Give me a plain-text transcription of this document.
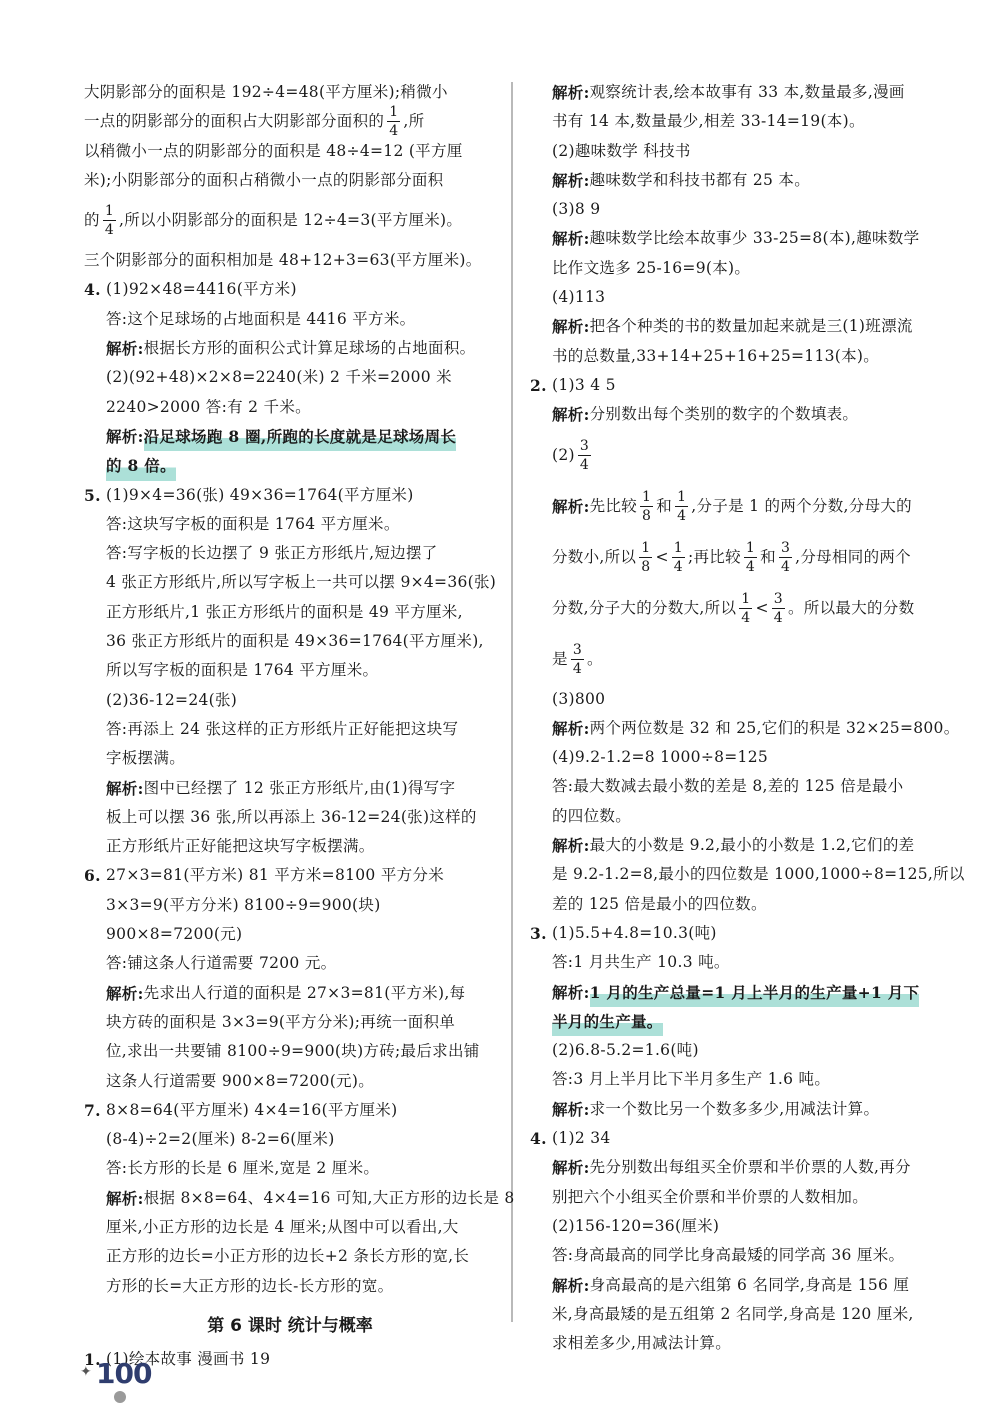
大阴影部分的面积是 192÷4=48(平方厘米);稍微小
一点的阴影部分的面积占大阴影部分面积的 $\frac{1}{4}$ ,所
以稍微小一点的阴影部分的面积是 48÷4=12 (平方厘
米);小阴影部分的面积占稍微小一点的阴影部分面积
的 $\frac{1}{4}$ ,所以小阴影部分的面积是 12÷4=3(平方厘米)。
三个阴影部分的面积相加是 48+12+3=63(平方厘米)。
4. (1)92×48=4416(平方米)
答:这个足球场的占地面积是 4416 平方米。
解析: 根据长方形的面积公式计算足球场的占地面积。
(2)(92+48)×2×8=2240(米) 2 千米=2000 米
2240>2000 答:有 2 千米。
解析: 沿足球场跑 8 圈,所跑的长度就是足球场周长
的 8 倍。
5. (1)9×4=36(张) 49×36=1764(平方厘米)
答:这块写字板的面积是 1764 平方厘米。
答:写字板的长边摆了 9 张正方形纸片,短边摆了
4 张正方形纸片,所以写字板上一共可以摆 9×4=36(张)
正方形纸片,1 张正方形纸片的面积是 49 平方厘米,
36 张正方形纸片的面积是 49×36=1764(平方厘米),
所以写字板的面积是 1764 平方厘米。
(2)36-12=24(张)
答:再添上 24 张这样的正方形纸片正好能把这块写
字板摆满。
解析: 图中已经摆了 12 张正方形纸片,由(1)得写字
板上可以摆 36 张,所以再添上 36-12=24(张)这样的
正方形纸片正好能把这块写字板摆满。
6. 27×3=81(平方米) 81 平方米=8100 平方分米
3×3=9(平方分米) 8100÷9=900(块)
900×8=7200(元)
答:铺这条人行道需要 7200 元。
解析: 先求出人行道的面积是 27×3=81(平方米),每
块方砖的面积是 3×3=9(平方分米);再统一面积单
位,求出一共要铺 8100÷9=900(块)方砖;最后求出铺
这条人行道需要 900×8=7200(元)。
7. 8×8=64(平方厘米) 4×4=16(平方厘米)
(8-4)÷2=2(厘米) 8-2=6(厘米)
答:长方形的长是 6 厘米,宽是 2 厘米。
解析: 根据 8×8=64、4×4=16 可知,大正方形的边长是 8
厘米,小正方形的边长是 4 厘米;从图中可以看出,大
正方形的边长=小正方形的边长+2 条长方形的宽,长
方形的长=大正方形的边长-长方形的宽。
第 6 课时 统计与概率
1. (1)绘本故事 漫画书 19
解析: 观察统计表,绘本故事有 33 本,数量最多,漫画
书有 14 本,数量最少,相差 33-14=19(本)。
(2)趣味数学 科技书
解析: 趣味数学和科技书都有 25 本。
(3)8 9
解析: 趣味数学比绘本故事少 33-25=8(本),趣味数学
比作文选多 25-16=9(本)。
(4)113
解析: 把各个种类的书的数量加起来就是三(1)班漂流
书的总数量,33+14+25+16+25=113(本)。
2. (1)3 4 5
解析: 分别数出每个类别的数字的个数填表。
$(2) \frac{3}{4}$
解析: 先比较 $\frac{1}{8}$ 和 $\frac{1}{4}$ ,分子是 1 的两个分数,分母大的
分数小,所以 $\frac{1}{8} < \frac{1}{4}$ ;再比较 $\frac{1}{4}$ 和 $\frac{3}{4}$ ,分母相同的两个
分数,分子大的分数大,所以 $\frac{1}{4} < \frac{3}{4}$ 。所以最大的分数
是 $\frac{3}{4}$ 。
(3)800
解析: 两个两位数是 32 和 25,它们的积是 32×25=800。
(4)9.2-1.2=8 1000÷8=125
答:最大数减去最小数的差是 8,差的 125 倍是最小
的四位数。
解析: 最大的小数是 9.2,最小的小数是 1.2,它们的差
是 9.2-1.2=8,最小的四位数是 1000,1000÷8=125,所以
差的 125 倍是最小的四位数。
3. (1)5.5+4.8=10.3(吨)
答:1 月共生产 10.3 吨。
解析: 1 月的生产总量=1 月上半月的生产量+1 月下
半月的生产量。
(2)6.8-5.2=1.6(吨)
答:3 月上半月比下半月多生产 1.6 吨。
解析: 求一个数比另一个数多多少,用减法计算。
4. (1)2 34
解析: 先分别数出每组买全价票和半价票的人数,再分
别把六个小组买全价票和半价票的人数相加。
(2)156-120=36(厘米)
答:身高最高的同学比身高最矮的同学高 36 厘米。
解析: 身高最高的是六组第 6 名同学,身高是 156 厘
米,身高最矮的是五组第 2 名同学,身高是 120 厘米,
求相差多少,用减法计算。
✦ 100
